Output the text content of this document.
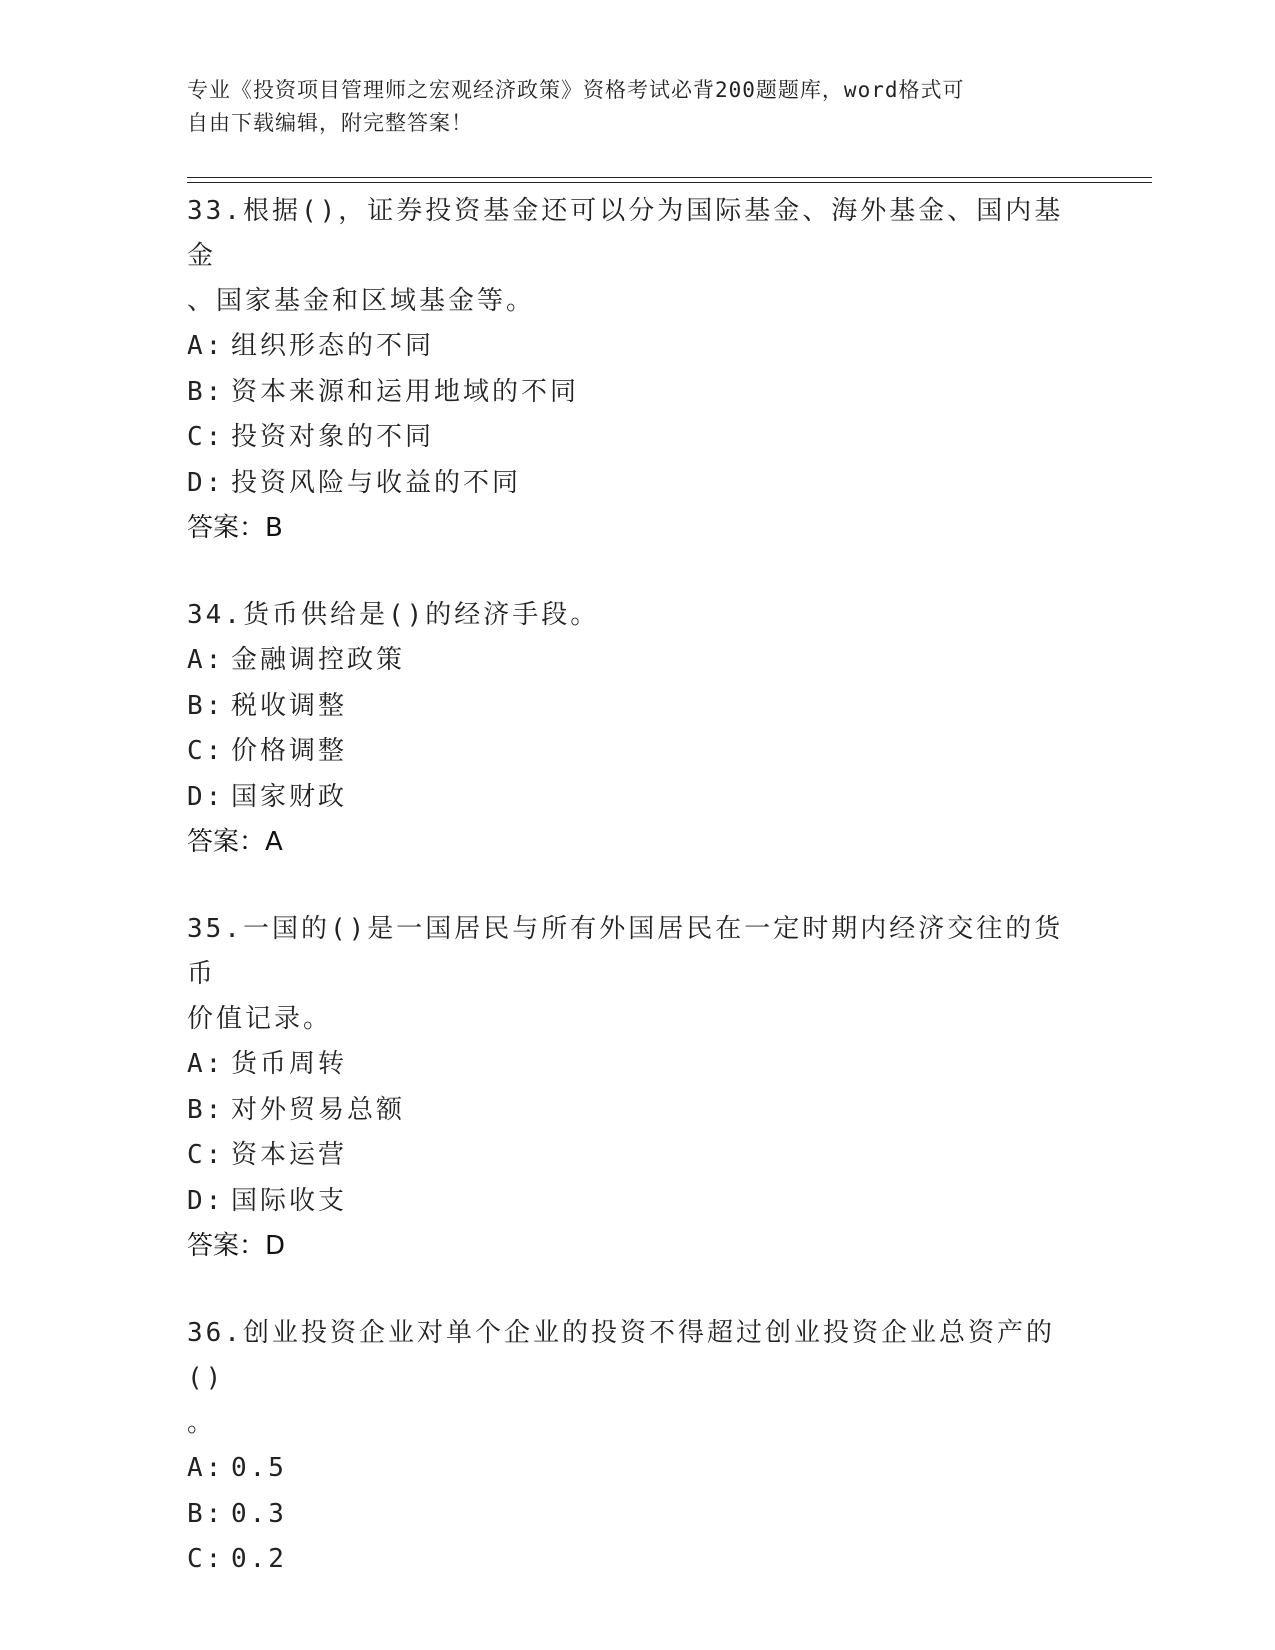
专业《投资项目管理师之宏观经济政策》资格考试必背200题题库，word格式可
自由下载编辑，附完整答案！
33.根据()，证券投资基金还可以分为国际基金、海外基金、国内基金
、国家基金和区域基金等。
A: 组织形态的不同
B: 资本来源和运用地域的不同
C: 投资对象的不同
D: 投资风险与收益的不同
答案：B
34.货币供给是()的经济手段。
A: 金融调控政策
B: 税收调整
C: 价格调整
D: 国家财政
答案：A
35.一国的()是一国居民与所有外国居民在一定时期内经济交往的货币
价值记录。
A: 货币周转
B: 对外贸易总额
C: 资本运营
D: 国际收支
答案：D
36.创业投资企业对单个企业的投资不得超过创业投资企业总资产的()
。
A: 0.5
B: 0.3
C: 0.2
